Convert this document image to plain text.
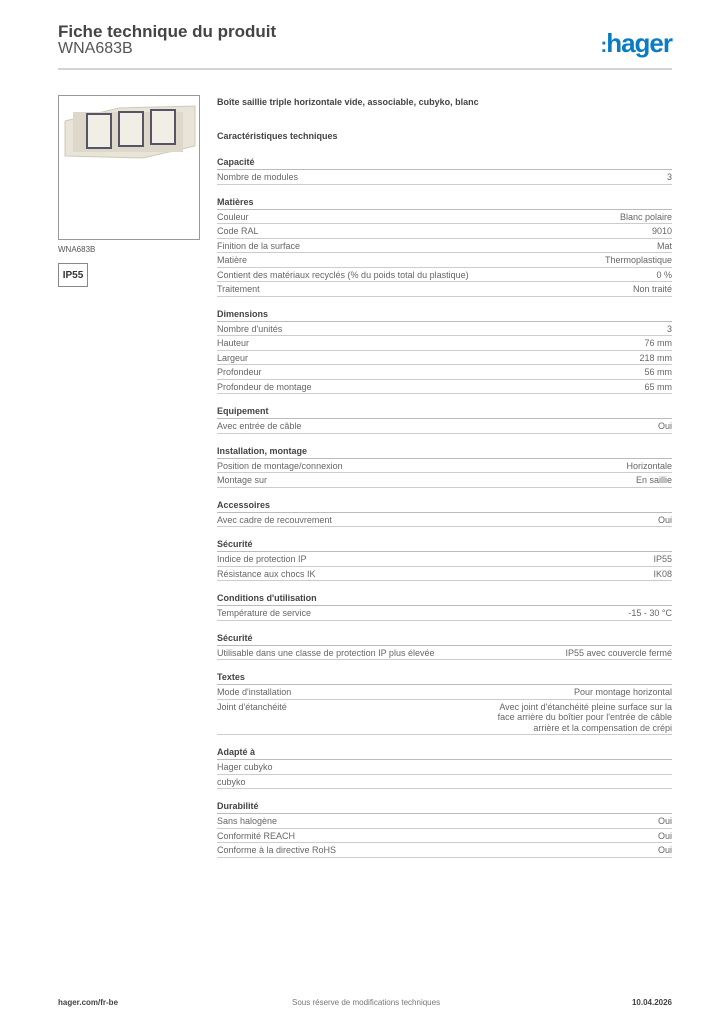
Fiche technique du produit
WNA683B	:hager
WNA683B
IP55
Boîte saillie triple horizontale vide, associable, cubyko, blanc
Caractéristiques techniques
Capacité
Nombre de modules	3
Matières
Couleur	Blanc polaire
Code RAL	9010
Finition de la surface	Mat
Matière	Thermoplastique
Contient des matériaux recyclés (% du poids total du plastique)	0 %
Traitement	Non traité
Dimensions
Nombre d'unités	3
Hauteur	76 mm
Largeur	218 mm
Profondeur	56 mm
Profondeur de montage	65 mm
Equipement
Avec entrée de câble	Oui
Installation, montage
Position de montage/connexion	Horizontale
Montage sur	En saillie
Accessoires
Avec cadre de recouvrement	Oui
Sécurité
Indice de protection IP	IP55
Résistance aux chocs IK	IK08
Conditions d'utilisation
Température de service	-15 - 30 °C
Sécurité
Utilisable dans une classe de protection IP plus élevée	IP55 avec couvercle fermé
Textes
Mode d'installation	Pour montage horizontal
Joint d'étanchéité	Avec joint d'étanchéité pleine surface sur la face arrière du boîtier pour l'entrée de câble arrière et la compensation de crépi
Adapté à
Hager cubyko
cubyko
Durabilité
Sans halogène	Oui
Conformité REACH	Oui
Conforme à la directive RoHS	Oui
hager.com/fr-be	Sous réserve de modifications techniques	10.04.2026
